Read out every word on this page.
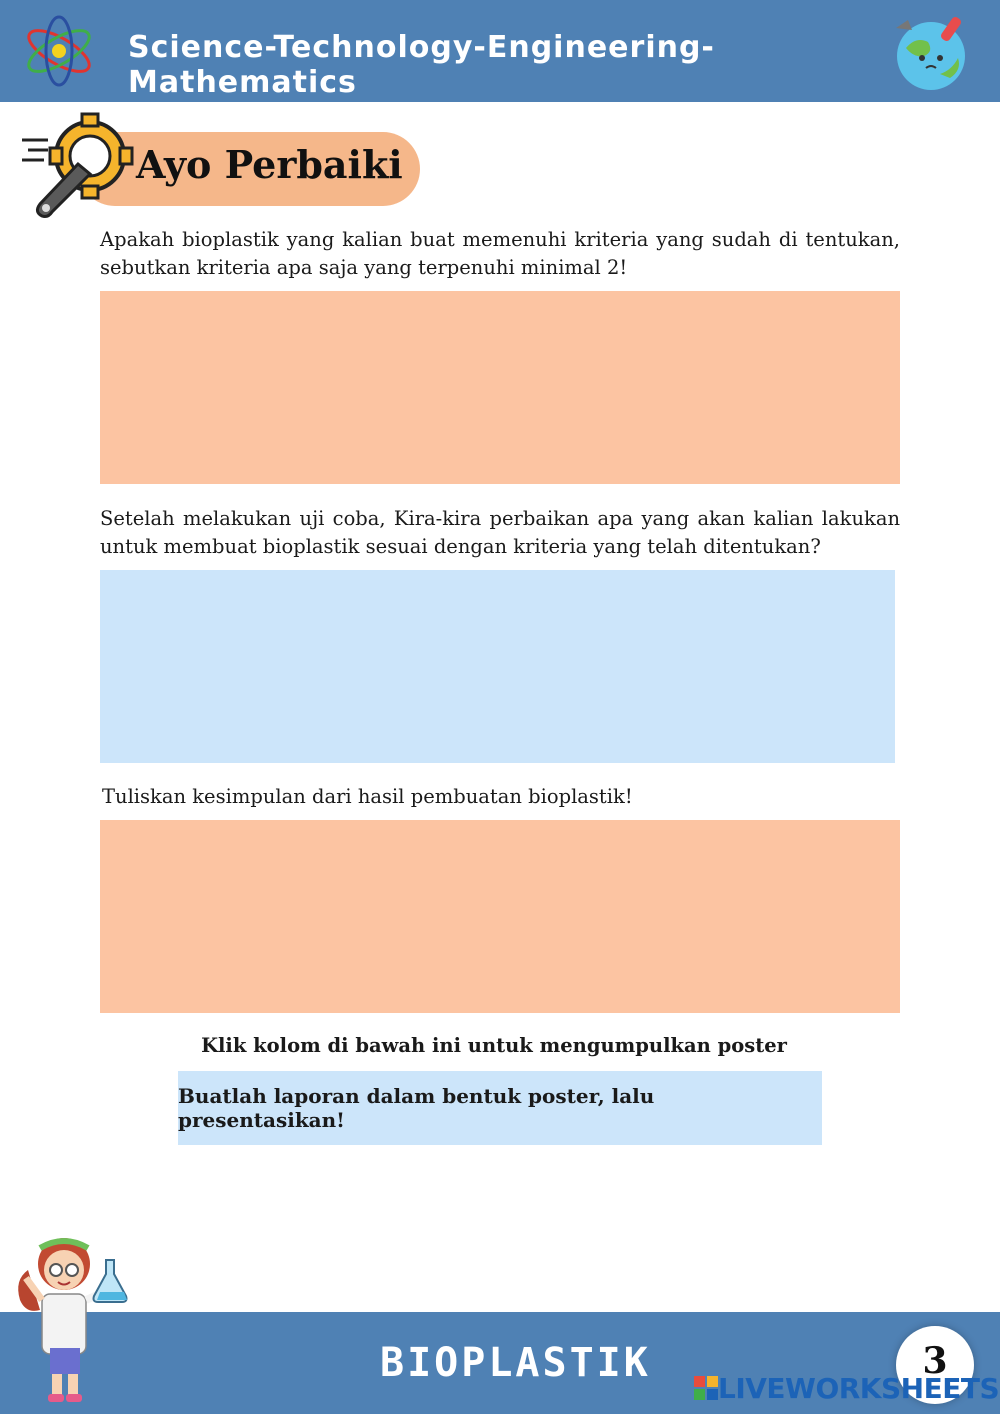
Science-Technology-Engineering-Mathematics
Ayo Perbaiki
Apakah bioplastik yang kalian buat memenuhi kriteria yang sudah di tentukan, sebutkan kriteria apa saja yang terpenuhi minimal 2!
Setelah melakukan uji coba, Kira-kira perbaikan apa yang akan kalian lakukan untuk membuat bioplastik sesuai dengan kriteria yang telah ditentukan?
Tuliskan kesimpulan dari hasil pembuatan bioplastik!
Klik kolom di bawah ini untuk mengumpulkan poster
Buatlah laporan dalam bentuk poster, lalu presentasikan!
BIOPLASTIK	3
LIVEWORKSHEETS
